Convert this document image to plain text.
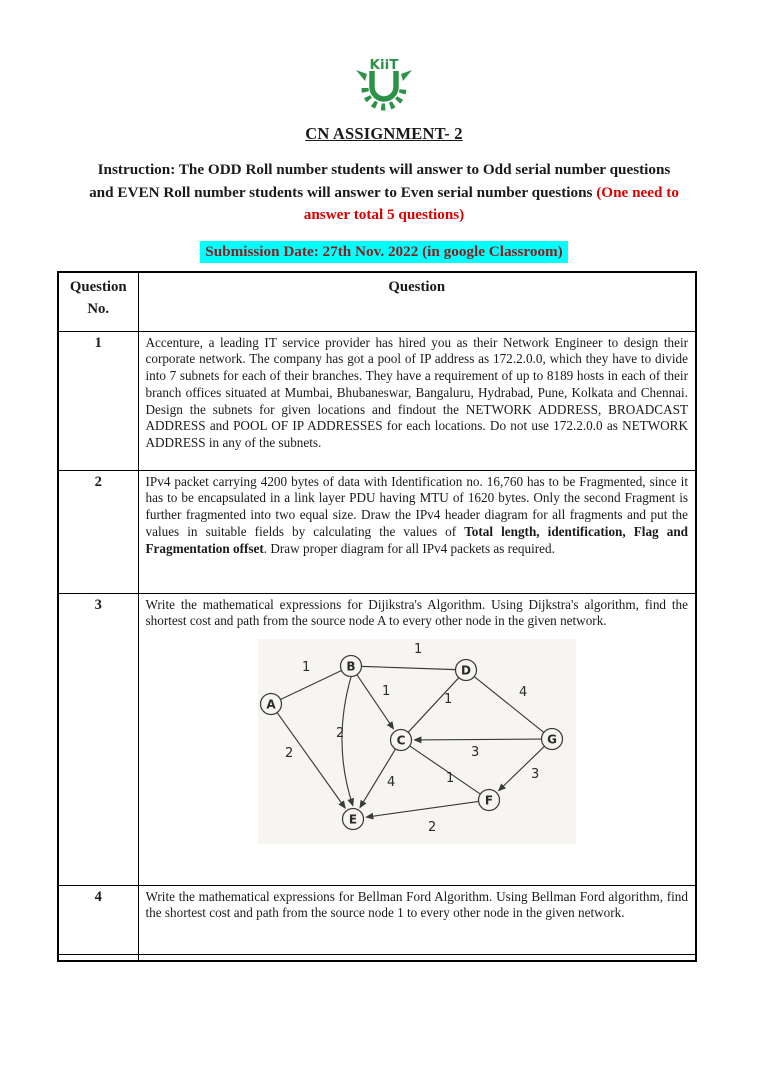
KiiT
CN ASSIGNMENT- 2

Instruction: The ODD Roll number students will answer to Odd serial number questions and EVEN Roll number students will answer to Even serial number questions (One need to answer total 5 questions)

Submission Date: 27th Nov. 2022 (in google Classroom)

Question No.	Question
1	Accenture, a leading IT service provider has hired you as their Network Engineer to design their corporate network. The company has got a pool of IP address as 172.2.0.0, which they have to divide into 7 subnets for each of their branches. They have a requirement of up to 8189 hosts in each of their branch offices situated at Mumbai, Bhubaneswar, Bangaluru, Hydrabad, Pune, Kolkata and Chennai. Design the subnets for given locations and findout the NETWORK ADDRESS, BROADCAST ADDRESS and POOL OF IP ADDRESSES for each locations. Do not use 172.2.0.0 as NETWORK ADDRESS in any of the subnets.
2	IPv4 packet carrying 4200 bytes of data with Identification no. 16,760 has to be Fragmented, since it has to be encapsulated in a link layer PDU having MTU of 1620 bytes. Only the second Fragment is further fragmented into two equal size. Draw the IPv4 header diagram for all fragments and put the values in suitable fields by calculating the values of Total length, identification, Flag and Fragmentation offset. Draw proper diagram for all IPv4 packets as required.
3	Write the mathematical expressions for Dijikstra's Algorithm. Using Dijkstra's algorithm, find the shortest cost and path from the source node A to every other node in the given network.
1
1
1
1	4
2
2	3
4	1	3
2
A
B
C
D
E
F
G

4	Write the mathematical expressions for Bellman Ford Algorithm. Using Bellman Ford algorithm, find the shortest cost and path from the source node 1 to every other node in the given network.
